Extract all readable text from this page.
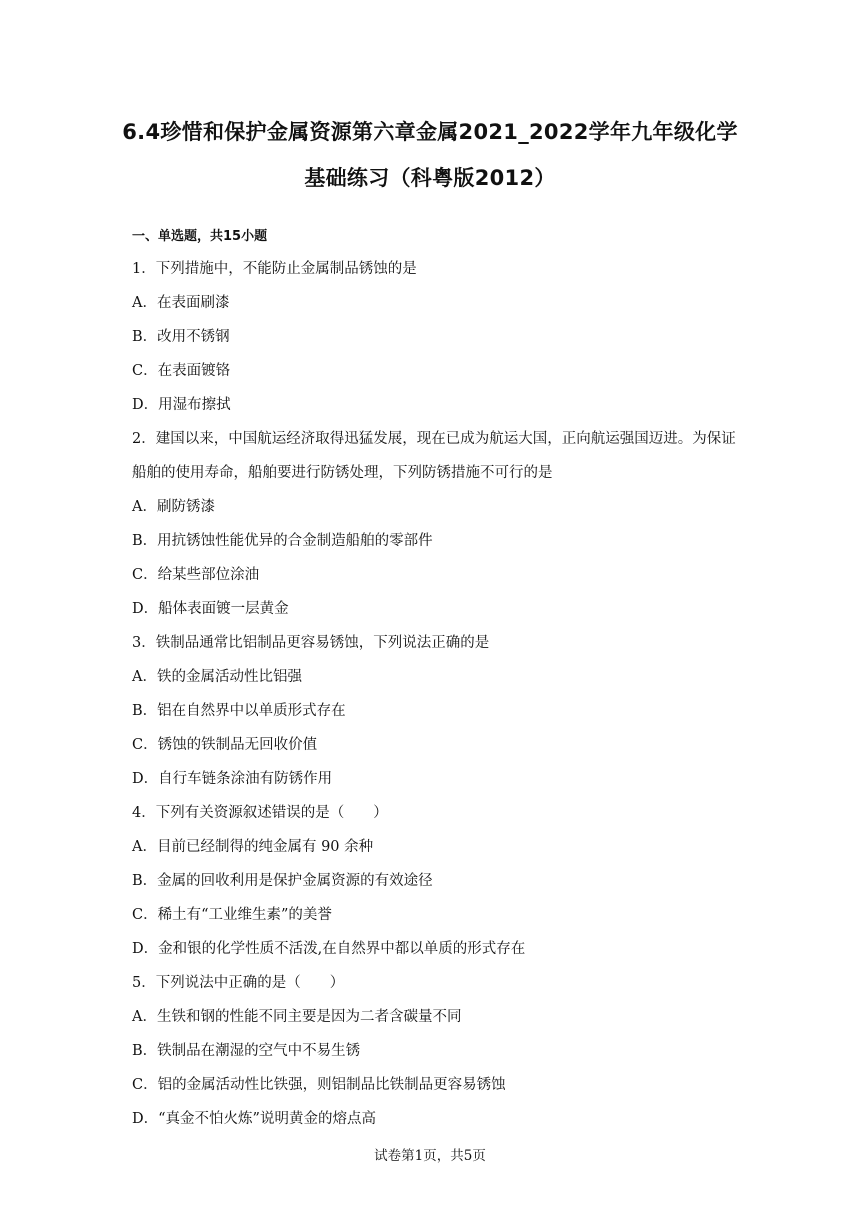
6.4珍惜和保护金属资源第六章金属2021_2022学年九年级化学
基础练习（科粤版2012）
一、单选题，共15小题
1．下列措施中，不能防止金属制品锈蚀的是
A．在表面刷漆
B．改用不锈钢
C．在表面镀铬
D．用湿布擦拭
2．建国以来，中国航运经济取得迅猛发展，现在已成为航运大国，正向航运强国迈进。为保证船舶的使用寿命，船舶要进行防锈处理，下列防锈措施不可行的是
A．刷防锈漆
B．用抗锈蚀性能优异的合金制造船舶的零部件
C．给某些部位涂油
D．船体表面镀一层黄金
3．铁制品通常比铝制品更容易锈蚀，下列说法正确的是
A．铁的金属活动性比铝强
B．铝在自然界中以单质形式存在
C．锈蚀的铁制品无回收价值
D．自行车链条涂油有防锈作用
4．下列有关资源叙述错误的是（　　）
A．目前已经制得的纯金属有 90 余种
B．金属的回收利用是保护金属资源的有效途径
C．稀土有“工业维生素”的美誉
D．金和银的化学性质不活泼,在自然界中都以单质的形式存在
5．下列说法中正确的是（　　）
A．生铁和钢的性能不同主要是因为二者含碳量不同
B．铁制品在潮湿的空气中不易生锈
C．铝的金属活动性比铁强，则铝制品比铁制品更容易锈蚀
D．“真金不怕火炼”说明黄金的熔点高
试卷第1页，共5页
